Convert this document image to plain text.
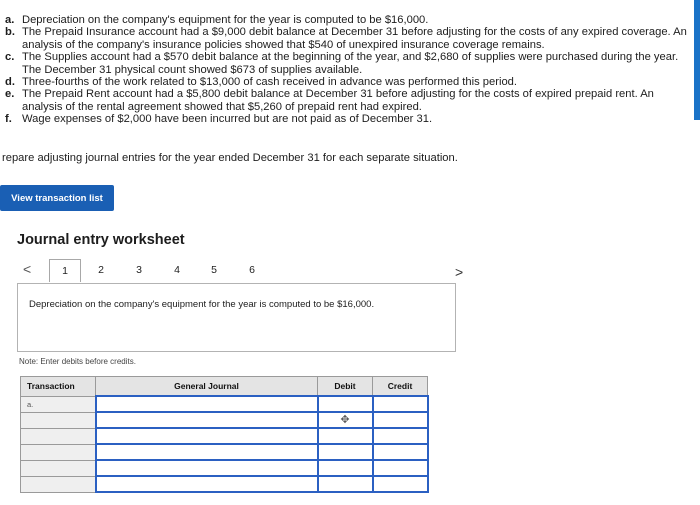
a. Depreciation on the company's equipment for the year is computed to be $16,000.
b. The Prepaid Insurance account had a $9,000 debit balance at December 31 before adjusting for the costs of any expired coverage. An analysis of the company's insurance policies showed that $540 of unexpired insurance coverage remains.
c. The Supplies account had a $570 debit balance at the beginning of the year, and $2,680 of supplies were purchased during the year. The December 31 physical count showed $673 of supplies available.
d. Three-fourths of the work related to $13,000 of cash received in advance was performed this period.
e. The Prepaid Rent account had a $5,800 debit balance at December 31 before adjusting for the costs of expired prepaid rent. An analysis of the rental agreement showed that $5,260 of prepaid rent had expired.
f. Wage expenses of $2,000 have been incurred but are not paid as of December 31.
repare adjusting journal entries for the year ended December 31 for each separate situation.
View transaction list
Journal entry worksheet
<	1	2	3	4	5	6	>
Depreciation on the company's equipment for the year is computed to be $16,000.
Note: Enter debits before credits.
Transaction	General Journal	Debit	Credit
a.			

		✥	
